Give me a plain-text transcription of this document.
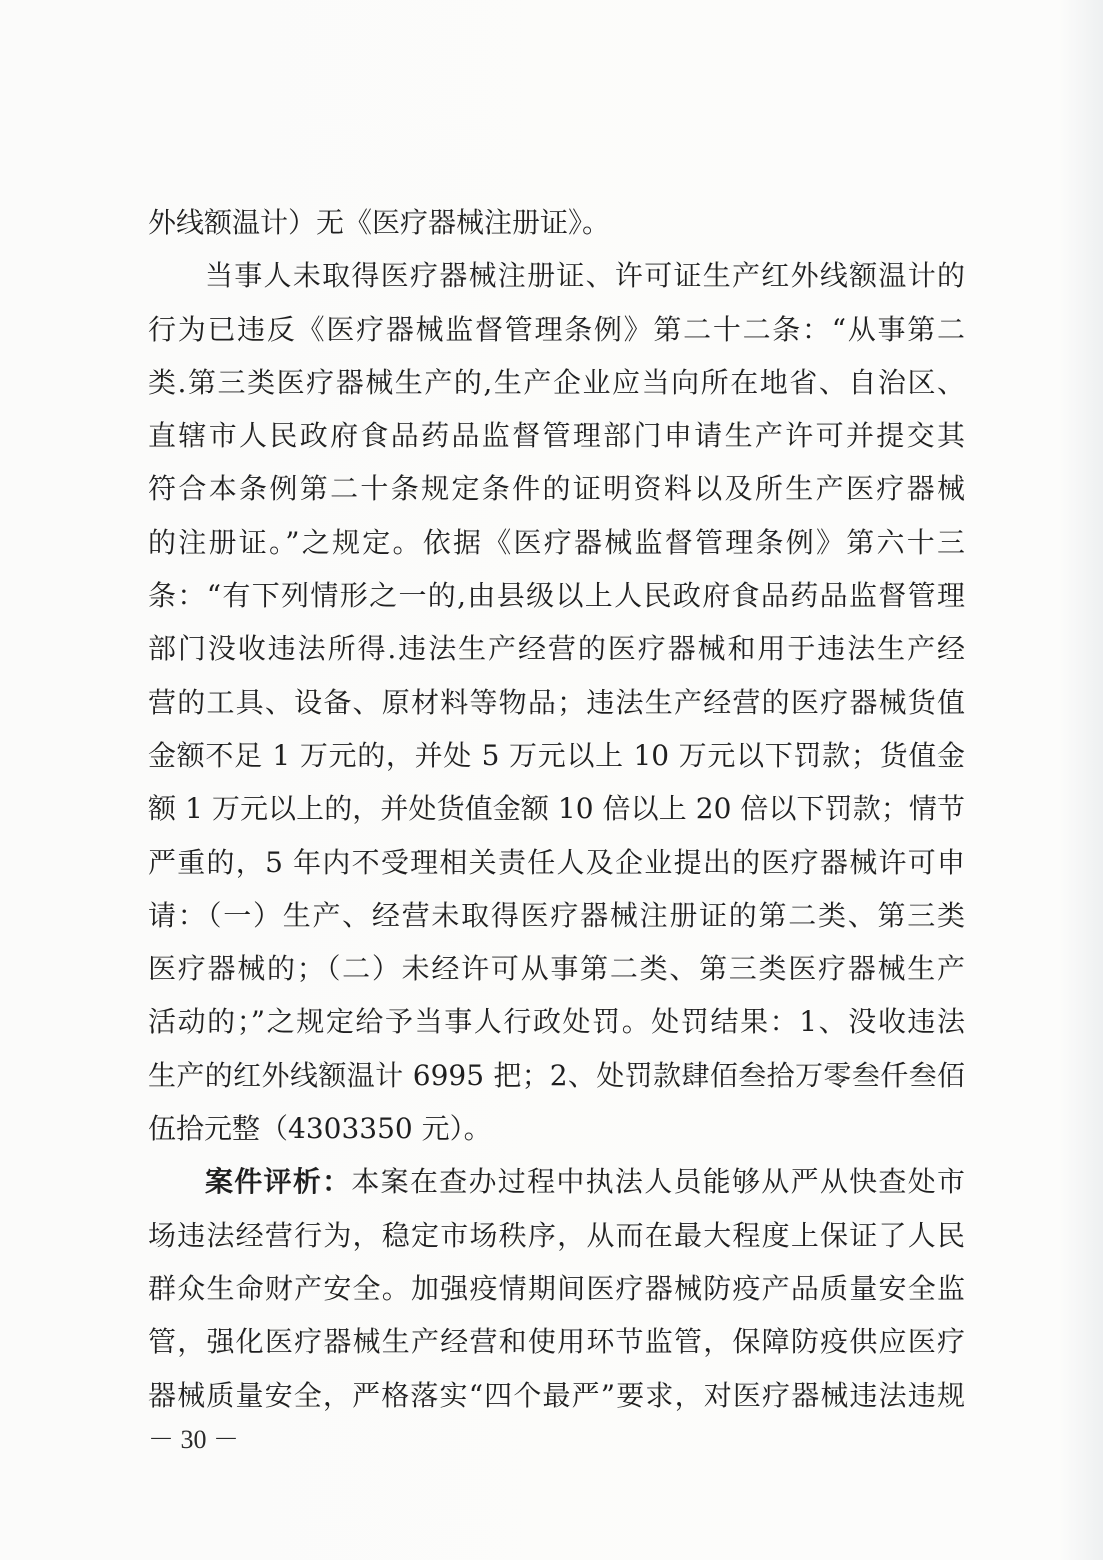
外线额温计）无《医疗器械注册证》。
当事人未取得医疗器械注册证、许可证生产红外线额温计的
行为已违反《医疗器械监督管理条例》第二十二条：“从事第二
类.第三类医疗器械生产的,生产企业应当向所在地省、自治区、
直辖市人民政府食品药品监督管理部门申请生产许可并提交其
符合本条例第二十条规定条件的证明资料以及所生产医疗器械
的注册证。”之规定。依据《医疗器械监督管理条例》第六十三
条：“有下列情形之一的,由县级以上人民政府食品药品监督管理
部门没收违法所得.违法生产经营的医疗器械和用于违法生产经
营的工具、设备、原材料等物品；违法生产经营的医疗器械货值
金额不足 1 万元的，并处 5 万元以上 10 万元以下罚款；货值金
额 1 万元以上的，并处货值金额 10 倍以上 20 倍以下罚款；情节
严重的，5 年内不受理相关责任人及企业提出的医疗器械许可申
请：（一）生产、经营未取得医疗器械注册证的第二类、第三类
医疗器械的；（二）未经许可从事第二类、第三类医疗器械生产
活动的；”之规定给予当事人行政处罚。处罚结果：1、没收违法
生产的红外线额温计 6995 把；2、处罚款肆佰叁拾万零叁仟叁佰
伍拾元整（4303350 元）。
案件评析：本案在查办过程中执法人员能够从严从快查处市
场违法经营行为，稳定市场秩序，从而在最大程度上保证了人民
群众生命财产安全。加强疫情期间医疗器械防疫产品质量安全监
管，强化医疗器械生产经营和使用环节监管，保障防疫供应医疗
器械质量安全，严格落实“四个最严”要求，对医疗器械违法违规
－ 30 －
